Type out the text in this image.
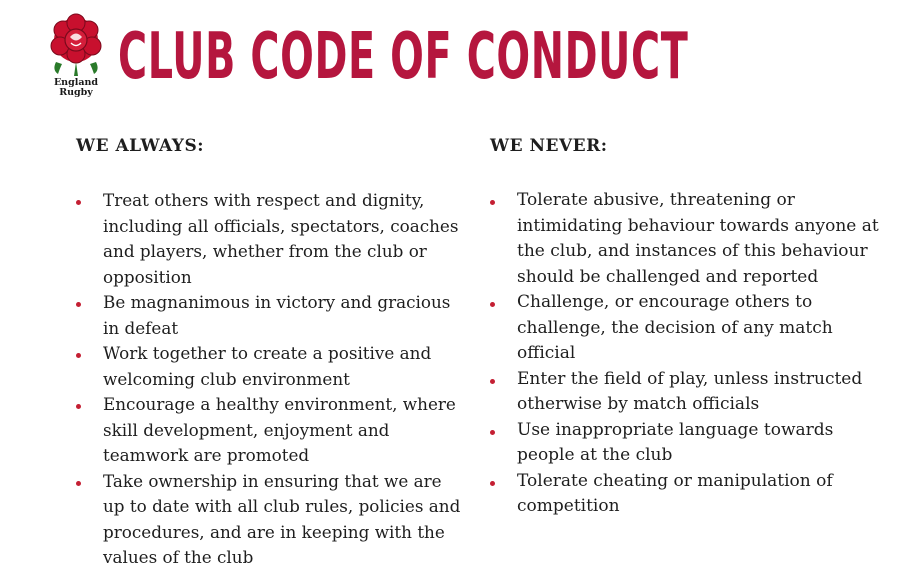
England
Rugby CLUB CODE OF CONDUCT
WE ALWAYS:
Treat others with respect and dignity, including all officials, spectators, coaches and players, whether from the club or opposition
Be magnanimous in victory and gracious in defeat
Work together to create a positive and welcoming club environment
Encourage a healthy environment, where skill development, enjoyment and teamwork are promoted
Take ownership in ensuring that we are up to date with all club rules, policies and procedures, and are in keeping with the values of the club
WE NEVER:
Tolerate abusive, threatening or intimidating behaviour towards anyone at the club, and instances of this behaviour should be challenged and reported
Challenge, or encourage others to challenge, the decision of any match official
Enter the field of play, unless instructed otherwise by match officials
Use inappropriate language towards people at the club
Tolerate cheating or manipulation of competition
